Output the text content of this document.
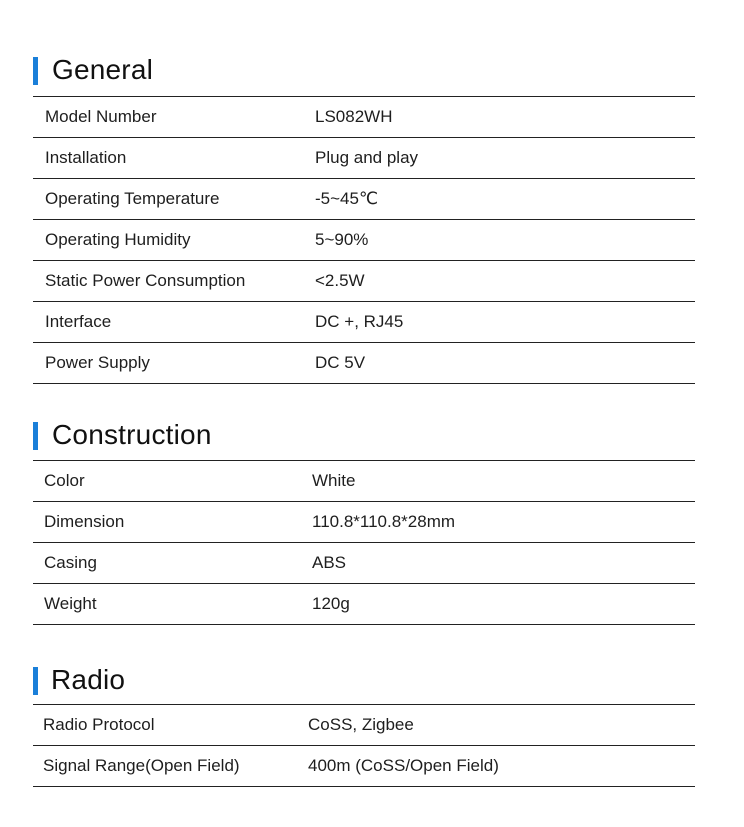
General
Model Number	LS082WH
Installation	Plug and play
Operating Temperature	-5~45℃
Operating Humidity	5~90%
Static Power Consumption	<2.5W
Interface	DC +, RJ45
Power Supply	DC 5V
Construction
Color	White
Dimension	110.8*110.8*28mm
Casing	ABS
Weight	120g
Radio
Radio Protocol	CoSS, Zigbee
Signal Range(Open Field)	400m (CoSS/Open Field)
